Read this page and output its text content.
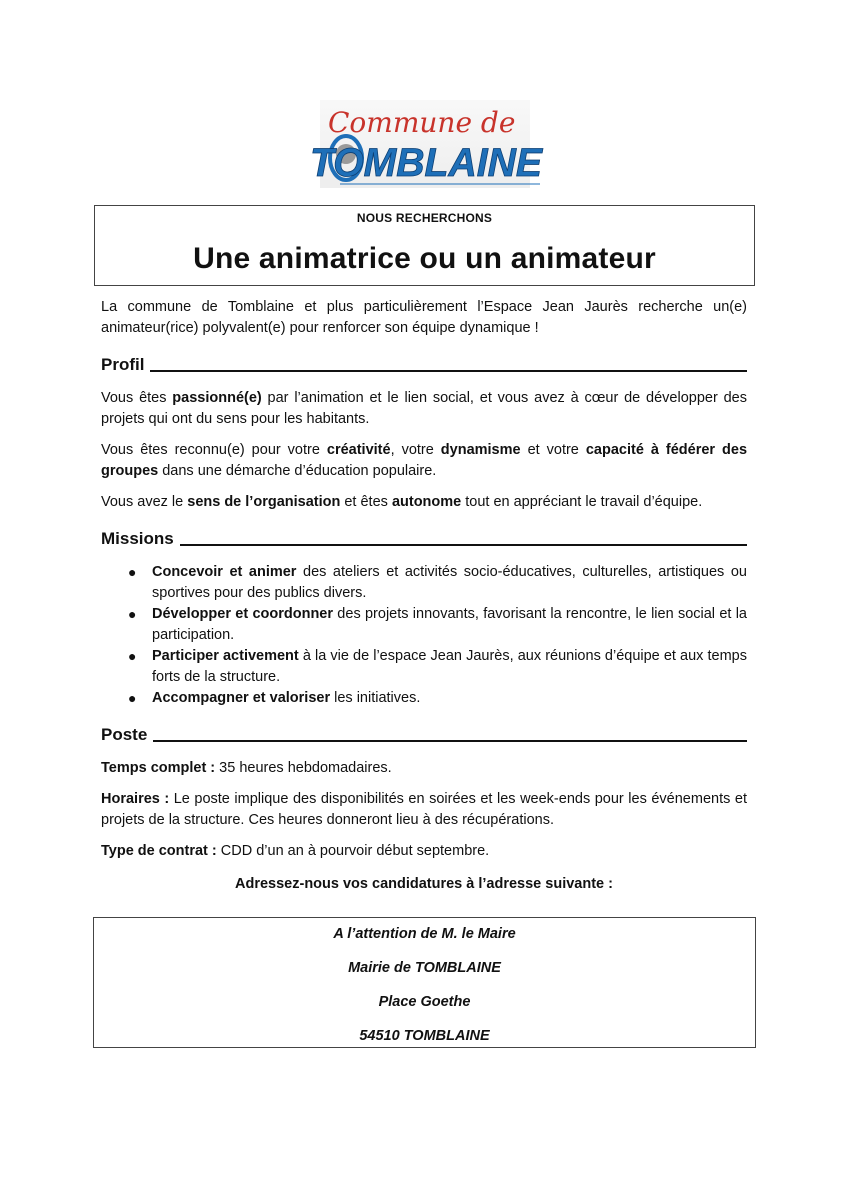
Commune de
TOMBLAINE
NOUS RECHERCHONS
Une animatrice ou un animateur

La commune de Tomblaine et plus particulièrement l’Espace Jean Jaurès recherche un(e) animateur(rice) polyvalent(e) pour renforcer son équipe dynamique !

Profil

Vous êtes passionné(e) par l’animation et le lien social, et vous avez à cœur de développer des projets qui ont du sens pour les habitants.

Vous êtes reconnu(e) pour votre créativité, votre dynamisme et votre capacité à fédérer des groupes dans une démarche d’éducation populaire.

Vous avez le sens de l’organisation et êtes autonome tout en appréciant le travail d’équipe.

Missions
● Concevoir et animer des ateliers et activités socio-éducatives, culturelles, artistiques ou sportives pour des publics divers.
● Développer et coordonner des projets innovants, favorisant la rencontre, le lien social et la participation.
● Participer activement à la vie de l’espace Jean Jaurès, aux réunions d’équipe et aux temps forts de la structure.
● Accompagner et valoriser les initiatives.
Poste

Temps complet : 35 heures hebdomadaires.

Horaires : Le poste implique des disponibilités en soirées et les week-ends pour les événements et projets de la structure. Ces heures donneront lieu à des récupérations.

Type de contrat : CDD d’un an à pourvoir début septembre.

Adressez-nous vos candidatures à l’adresse suivante :

A l’attention de M. le Maire
Mairie de TOMBLAINE
Place Goethe
54510 TOMBLAINE
